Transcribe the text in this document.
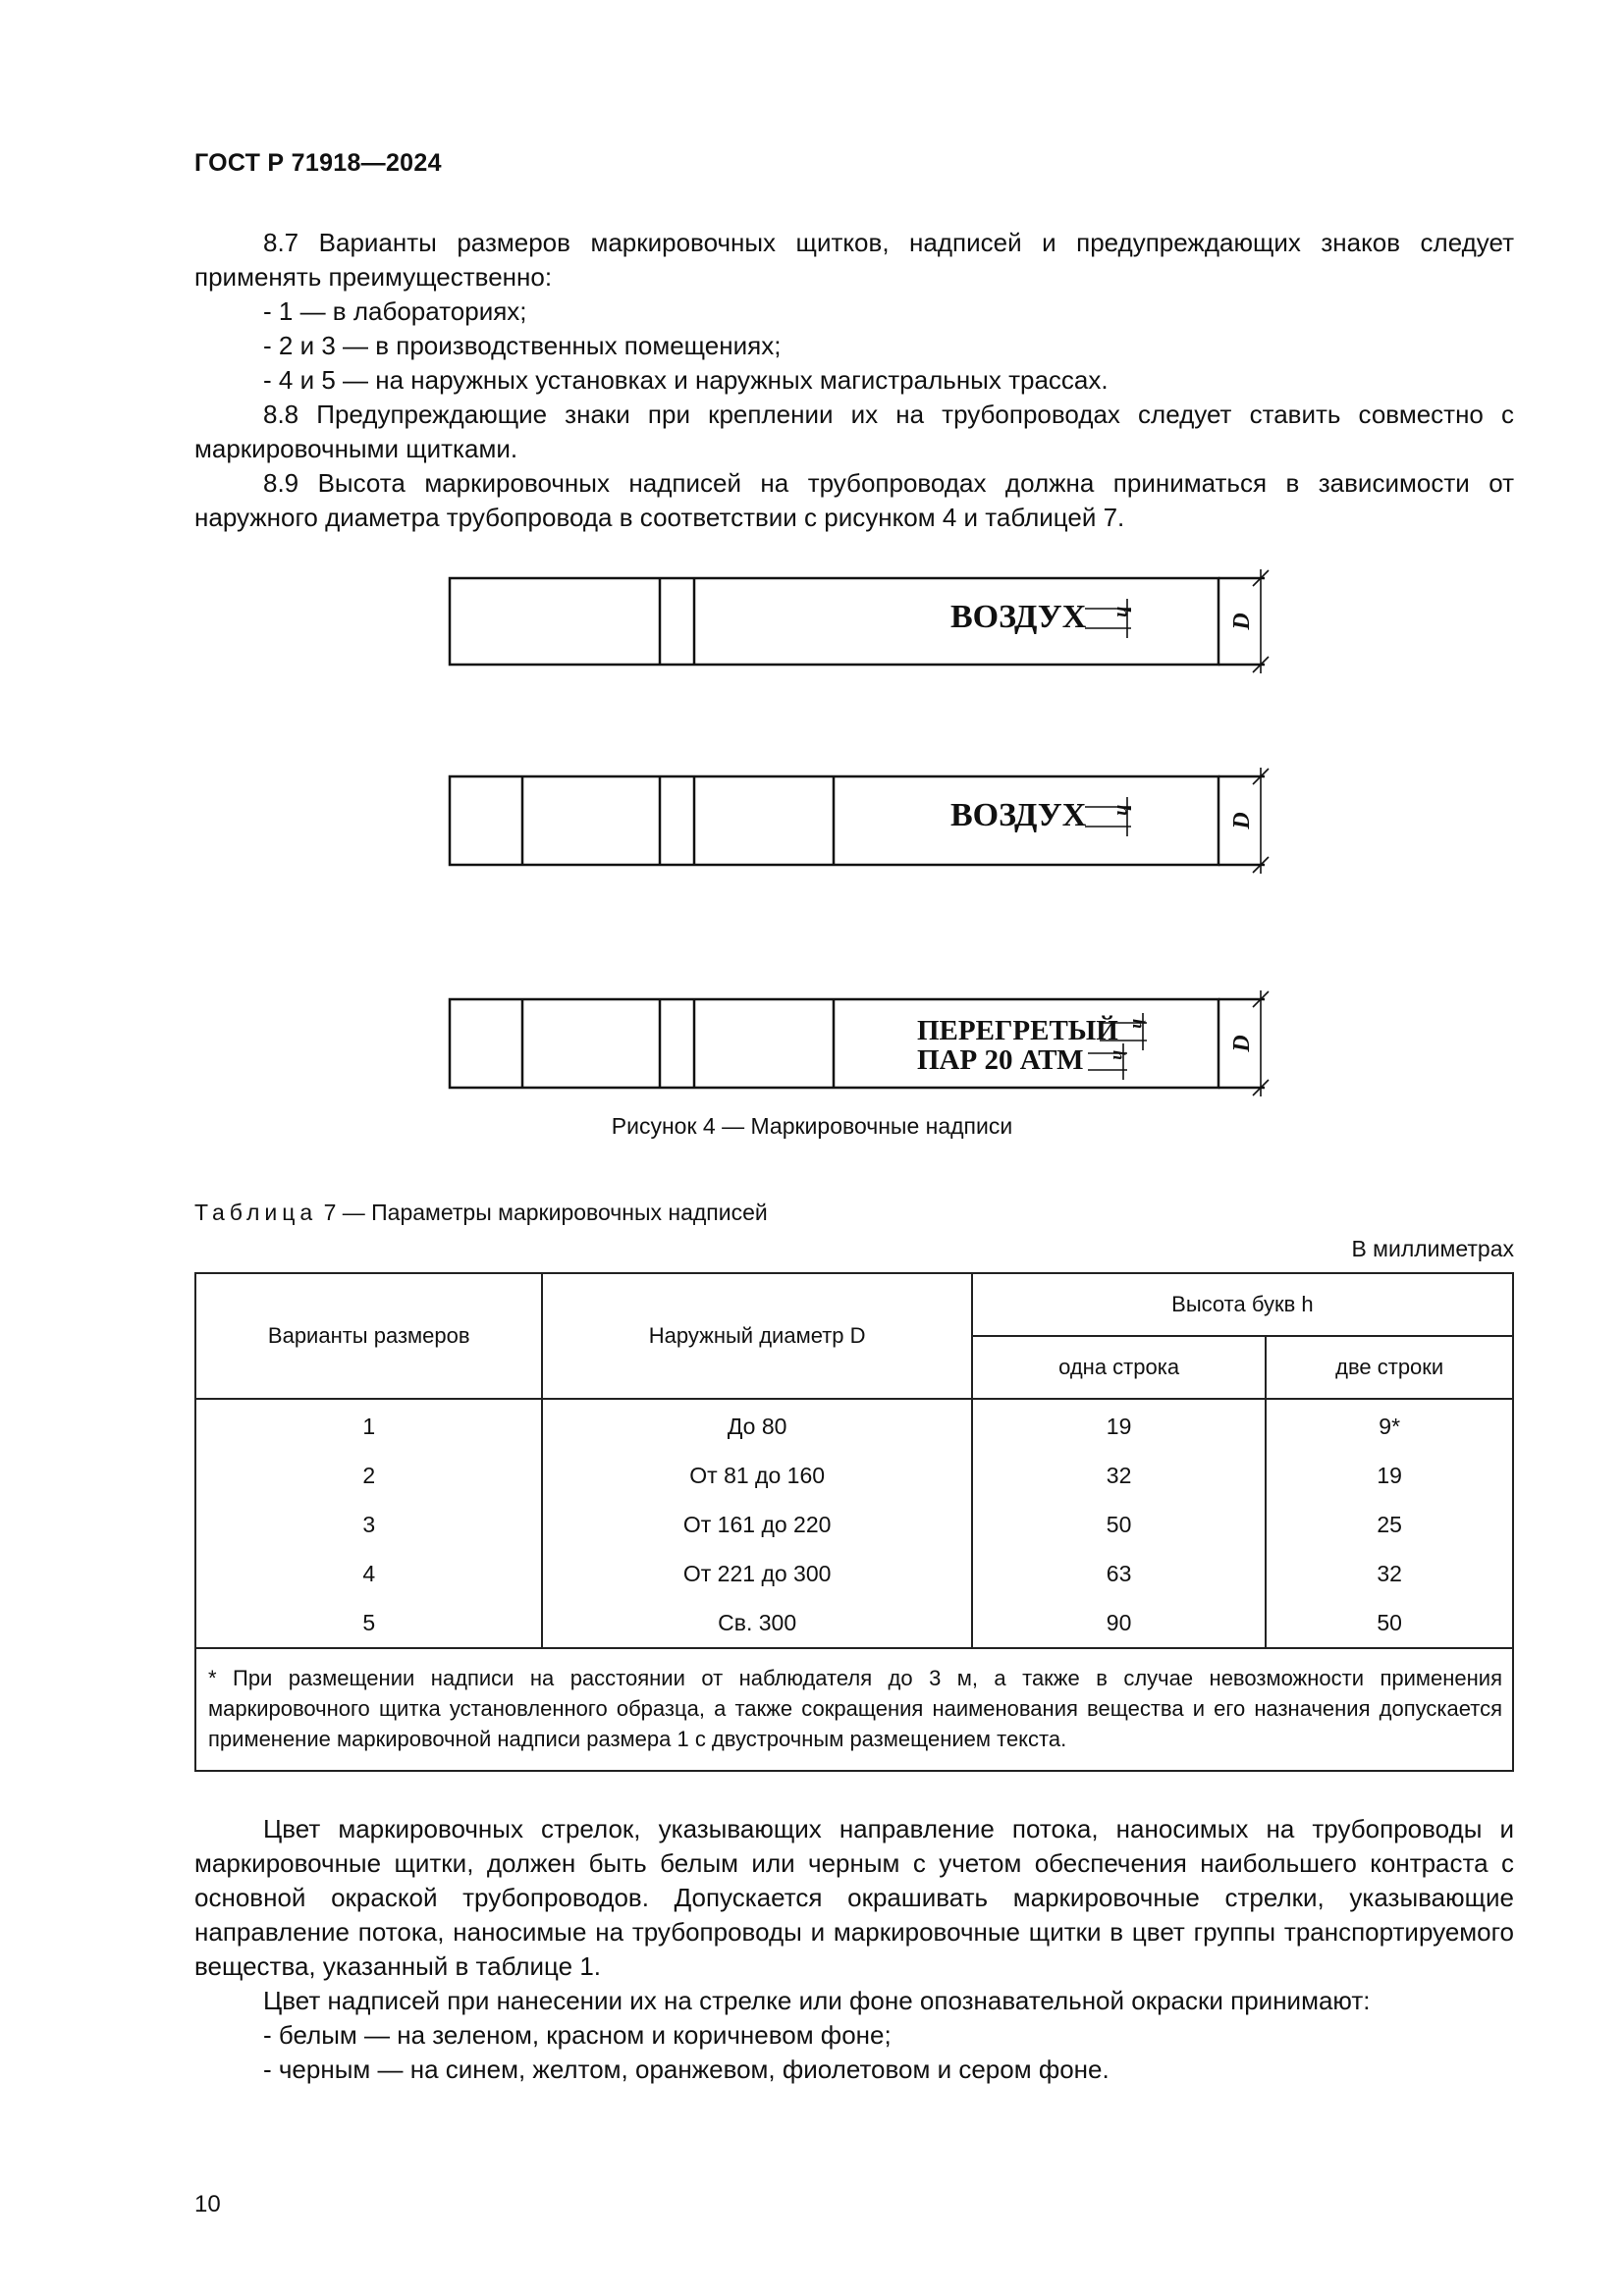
ГОСТ Р 71918—2024
8.7 Варианты размеров маркировочных щитков, надписей и предупреждающих знаков следует применять преимущественно:
- 1 — в лабораториях;
- 2 и 3 — в производственных помещениях;
- 4 и 5 — на наружных установках и наружных магистральных трассах.
8.8 Предупреждающие знаки при креплении их на трубопроводах следует ставить совместно с маркировочными щитками.
8.9 Высота маркировочных надписей на трубопроводах должна приниматься в зависимости от наружного диаметра трубопровода в соответствии с рисунком 4 и таблицей 7.
ВОЗДУХ
ВОЗДУХ
ПЕРЕГРЕТЫЙ
ПАР 20 АТМ
h
h
h
h
D
D
D
Рисунок 4 — Маркировочные надписи
Таблица 7 — Параметры маркировочных надписей
В миллиметрах
Варианты размеров	Наружный диаметр D	Высота букв h	
		одна строка	две строки
1	До 80	19	9*
2	От 81 до 160	32	19
3	От 161 до 220	50	25
4	От 221 до 300	63	32
5	Св. 300	90	50
* При размещении надписи на расстоянии от наблюдателя до 3 м, а также в случае невозможности применения маркировочного щитка установленного образца, а также сокращения наименования вещества и его назначения допускается применение маркировочной надписи размера 1 с двустрочным размещением текста.			
Цвет маркировочных стрелок, указывающих направление потока, наносимых на трубопроводы и маркировочные щитки, должен быть белым или черным с учетом обеспечения наибольшего контраста с основной окраской трубопроводов. Допускается окрашивать маркировочные стрелки, указывающие направление потока, наносимые на трубопроводы и маркировочные щитки в цвет группы транспортируемого вещества, указанный в таблице 1.
Цвет надписей при нанесении их на стрелке или фоне опознавательной окраски принимают:
- белым — на зеленом, красном и коричневом фоне;
- черным — на синем, желтом, оранжевом, фиолетовом и сером фоне.
10
